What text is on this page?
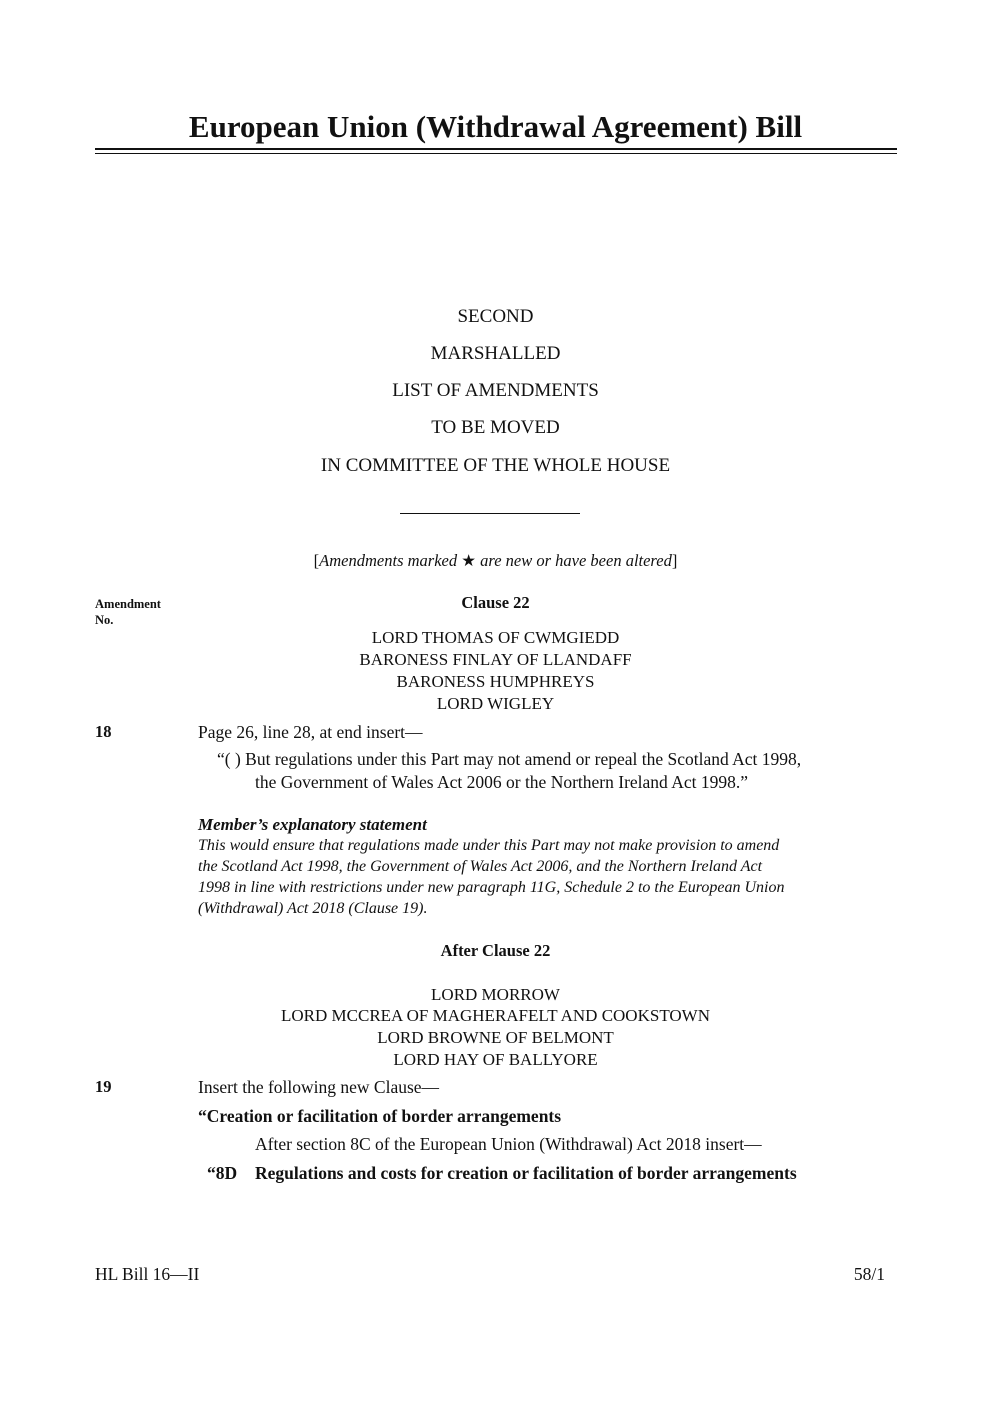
European Union (Withdrawal Agreement) Bill
SECOND
MARSHALLED
LIST OF AMENDMENTS
TO BE MOVED
IN COMMITTEE OF THE WHOLE HOUSE
[Amendments marked ★ are new or have been altered]
Amendment
No.
Clause 22
LORD THOMAS OF CWMGIEDD
BARONESS FINLAY OF LLANDAFF
BARONESS HUMPHREYS
LORD WIGLEY
18	Page 26, line 28, at end insert—
“( ) But regulations under this Part may not amend or repeal the Scotland Act 1998,
the Government of Wales Act 2006 or the Northern Ireland Act 1998.”
Member’s explanatory statement
This would ensure that regulations made under this Part may not make provision to amend
the Scotland Act 1998, the Government of Wales Act 2006, and the Northern Ireland Act
1998 in line with restrictions under new paragraph 11G, Schedule 2 to the European Union
(Withdrawal) Act 2018 (Clause 19).
After Clause 22
LORD MORROW
LORD MCCREA OF MAGHERAFELT AND COOKSTOWN
LORD BROWNE OF BELMONT
LORD HAY OF BALLYORE
19	Insert the following new Clause—
“Creation or facilitation of border arrangements
After section 8C of the European Union (Withdrawal) Act 2018 insert—
“8D Regulations and costs for creation or facilitation of border arrangements
HL Bill 16—II	58/1
